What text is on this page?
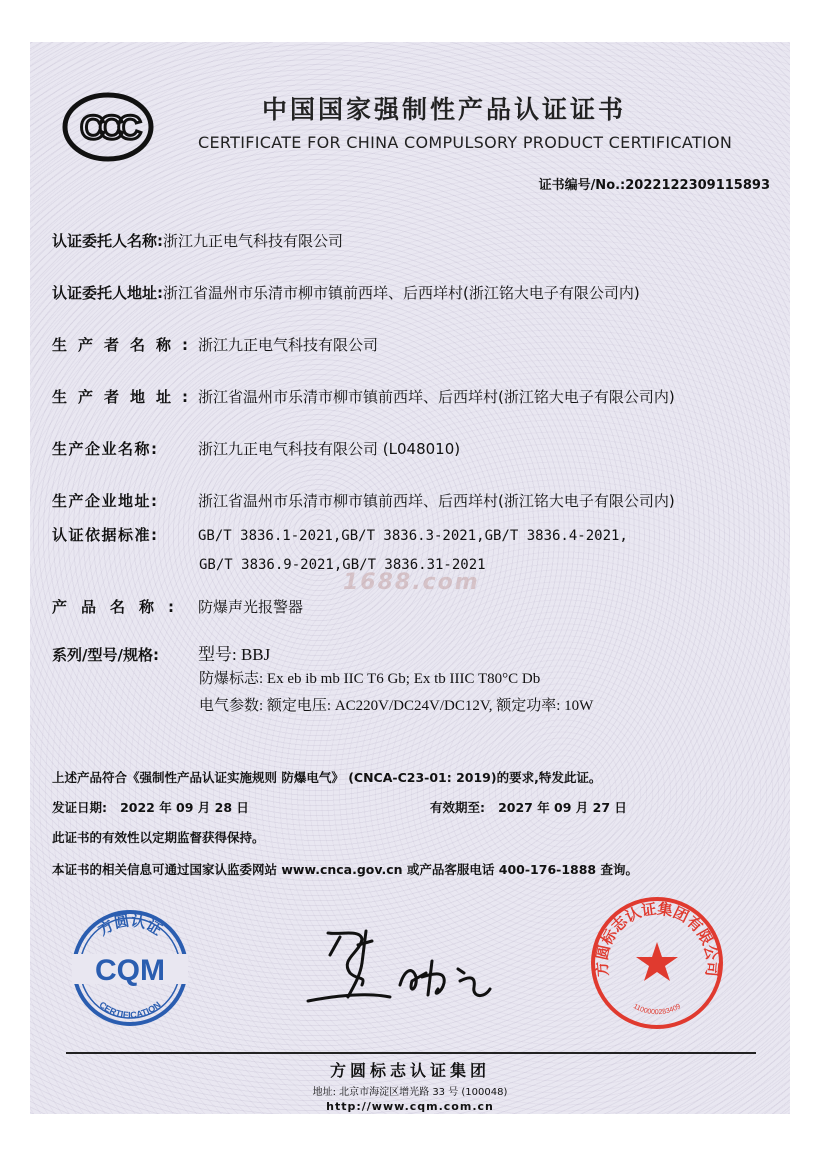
CCC	中国国家强制性产品认证证书
CERTIFICATE FOR CHINA COMPULSORY PRODUCT CERTIFICATION
证书编号/No.:2022122309115893
认证委托人名称:浙江九正电气科技有限公司
认证委托人地址:浙江省温州市乐清市柳市镇前西垟、后西垟村(浙江铭大电子有限公司内)
生产者名称:浙江九正电气科技有限公司
生产者地址:浙江省温州市乐清市柳市镇前西垟、后西垟村(浙江铭大电子有限公司内)
生产企业名称:	浙江九正电气科技有限公司 (L048010)
生产企业地址:	浙江省温州市乐清市柳市镇前西垟、后西垟村(浙江铭大电子有限公司内)
认证依据标准:	GB/T 3836.1-2021,GB/T 3836.3-2021,GB/T 3836.4-2021,
GB/T 3836.9-2021,GB/T 3836.31-2021
1688.com
产品名称: 防爆声光报警器
系列/型号/规格: 型号: BBJ
防爆标志: Ex eb ib mb IIC T6 Gb; Ex tb IIIC T80°C Db
电气参数: 额定电压: AC220V/DC24V/DC12V, 额定功率: 10W
上述产品符合《强制性产品认证实施规则 防爆电气》 (CNCA-C23-01: 2019)的要求,特发此证。
发证日期: 2022 年 09 月 28 日	有效期至: 2027 年 09 月 27 日
此证书的有效性以定期监督获得保持。
本证书的相关信息可通过国家认监委网站 www.cnca.gov.cn 或产品客服电话 400-176-1888 查询。
方圆认证
CQM
CERTIFICATION
方圆标志认证集团有限公司
1100000283409
方圆标志认证集团
地址: 北京市海淀区增光路 33 号 (100048)
http://www.cqm.com.cn
